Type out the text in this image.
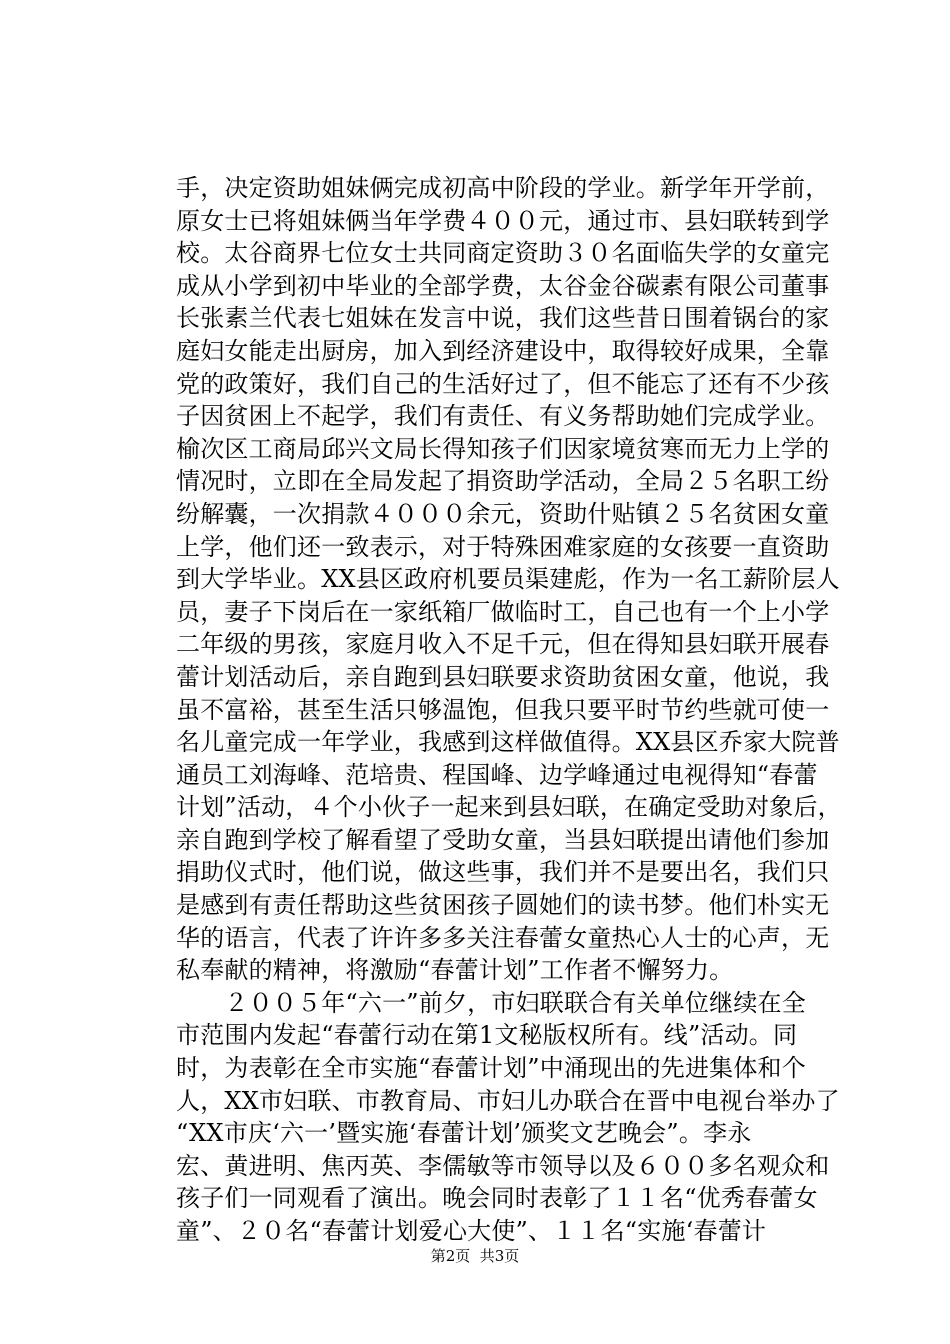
手，决定资助姐妹俩完成初高中阶段的学业。新学年开学前，
原女士已将姐妹俩当年学费４００元，通过市、县妇联转到学
校。太谷商界七位女士共同商定资助３０名面临失学的女童完
成从小学到初中毕业的全部学费，太谷金谷碳素有限公司董事
长张素兰代表七姐妹在发言中说，我们这些昔日围着锅台的家
庭妇女能走出厨房，加入到经济建设中，取得较好成果，全靠
党的政策好，我们自己的生活好过了，但不能忘了还有不少孩
子因贫困上不起学，我们有责任、有义务帮助她们完成学业。
榆次区工商局邱兴文局长得知孩子们因家境贫寒而无力上学的
情况时，立即在全局发起了捐资助学活动，全局２５名职工纷
纷解囊，一次捐款４０００余元，资助什贴镇２５名贫困女童
上学，他们还一致表示，对于特殊困难家庭的女孩要一直资助
到大学毕业。XX县区政府机要员渠建彪，作为一名工薪阶层人
员，妻子下岗后在一家纸箱厂做临时工，自己也有一个上小学
二年级的男孩，家庭月收入不足千元，但在得知县妇联开展春
蕾计划活动后，亲自跑到县妇联要求资助贫困女童，他说，我
虽不富裕，甚至生活只够温饱，但我只要平时节约些就可使一
名儿童完成一年学业，我感到这样做值得。XX县区乔家大院普
通员工刘海峰、范培贵、程国峰、边学峰通过电视得知“春蕾
计划”活动，４个小伙子一起来到县妇联，在确定受助对象后，
亲自跑到学校了解看望了受助女童，当县妇联提出请他们参加
捐助仪式时，他们说，做这些事，我们并不是要出名，我们只
是感到有责任帮助这些贫困孩子圆她们的读书梦。他们朴实无
华的语言，代表了许许多多关注春蕾女童热心人士的心声，无
私奉献的精神，将激励“春蕾计划”工作者不懈努力。
　　２００５年“六一”前夕，市妇联联合有关单位继续在全
市范围内发起“春蕾行动在第1文秘版权所有。线”活动。同
时，为表彰在全市实施“春蕾计划”中涌现出的先进集体和个
人，XX市妇联、市教育局、市妇儿办联合在晋中电视台举办了
“XX市庆‘六一’暨实施‘春蕾计划’颁奖文艺晚会”。李永
宏、黄进明、焦丙英、李儒敏等市领导以及６００多名观众和
孩子们一同观看了演出。晚会同时表彰了１１名“优秀春蕾女
童”、２０名“春蕾计划爱心大使”、１１名“实施‘春蕾计
第2页  共3页
